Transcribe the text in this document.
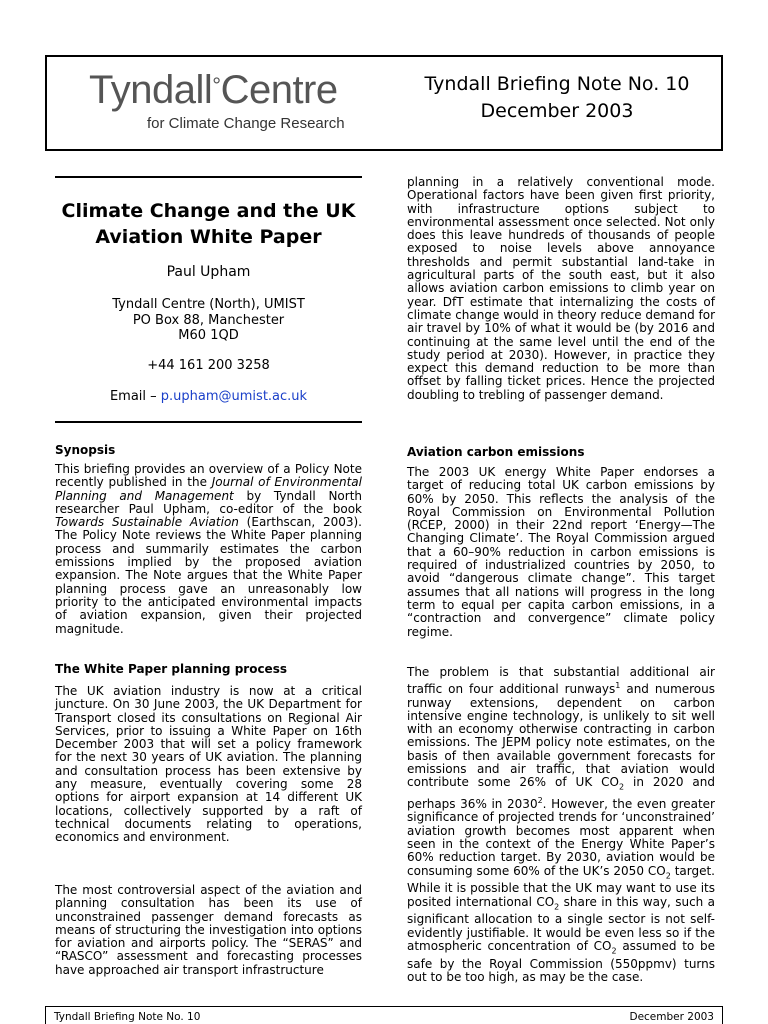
Tyndall°Centre
for Climate Change Research
Tyndall Briefing Note No. 10
December 2003
Climate Change and the UK Aviation White Paper
Paul Upham
Tyndall Centre (North), UMIST
PO Box 88, Manchester
M60 1QD
+44 161 200 3258
Email – p.upham@umist.ac.uk
Synopsis

This briefing provides an overview of a Policy Note recently published in the Journal of Environmental Planning and Management by Tyndall North researcher Paul Upham, co-editor of the book Towards Sustainable Aviation (Earthscan, 2003). The Policy Note reviews the White Paper planning process and summarily estimates the carbon emissions implied by the proposed aviation expansion. The Note argues that the White Paper planning process gave an unreasonably low priority to the anticipated environmental impacts of aviation expansion, given their projected magnitude.

The White Paper planning process

The UK aviation industry is now at a critical juncture. On 30 June 2003, the UK Department for Transport closed its consultations on Regional Air Services, prior to issuing a White Paper on 16th December 2003 that will set a policy framework for the next 30 years of UK aviation. The planning and consultation process has been extensive by any measure, eventually covering some 28 options for airport expansion at 14 different UK locations, collectively supported by a raft of technical documents relating to operations, economics and environment.

The most controversial aspect of the aviation and planning consultation has been its use of unconstrained passenger demand forecasts as means of structuring the investigation into options for aviation and airports policy. The “SERAS” and “RASCO” assessment and forecasting processes have approached air transport infrastructure

planning in a relatively conventional mode. Operational factors have been given first priority, with infrastructure options subject to environmental assessment once selected. Not only does this leave hundreds of thousands of people exposed to noise levels above annoyance thresholds and permit substantial land-take in agricultural parts of the south east, but it also allows aviation carbon emissions to climb year on year. DfT estimate that internalizing the costs of climate change would in theory reduce demand for air travel by 10% of what it would be (by 2016 and continuing at the same level until the end of the study period at 2030). However, in practice they expect this demand reduction to be more than offset by falling ticket prices. Hence the projected doubling to trebling of passenger demand.

Aviation carbon emissions

The 2003 UK energy White Paper endorses a target of reducing total UK carbon emissions by 60% by 2050. This reflects the analysis of the Royal Commission on Environmental Pollution (RCEP, 2000) in their 22nd report ‘Energy—The Changing Climate’. The Royal Commission argued that a 60–90% reduction in carbon emissions is required of industrialized countries by 2050, to avoid “dangerous climate change”. This target assumes that all nations will progress in the long term to equal per capita carbon emissions, in a “contraction and convergence” climate policy regime.

The problem is that substantial additional air traffic on four additional runways$^1$ and numerous runway extensions, dependent on carbon intensive engine technology, is unlikely to sit well with an economy otherwise contracting in carbon emissions. The JEPM policy note estimates, on the basis of then available government forecasts for emissions and air traffic, that aviation would contribute some 26% of UK $CO_2$ in 2020 and perhaps 36% in 2030$^2$. However, the even greater significance of projected trends for ‘unconstrained’ aviation growth becomes most apparent when seen in the context of the Energy White Paper’s 60% reduction target. By 2030, aviation would be consuming some 60% of the UK’s 2050 $CO_2$ target. While it is possible that the UK may want to use its posited international $CO_2$ share in this way, such a significant allocation to a single sector is not self-evidently justifiable. It would be even less so if the atmospheric concentration of $CO_2$ assumed to be safe by the Royal Commission (550ppmv) turns out to be too high, as may be the case.

Tyndall Briefing Note No. 10	December 2003
